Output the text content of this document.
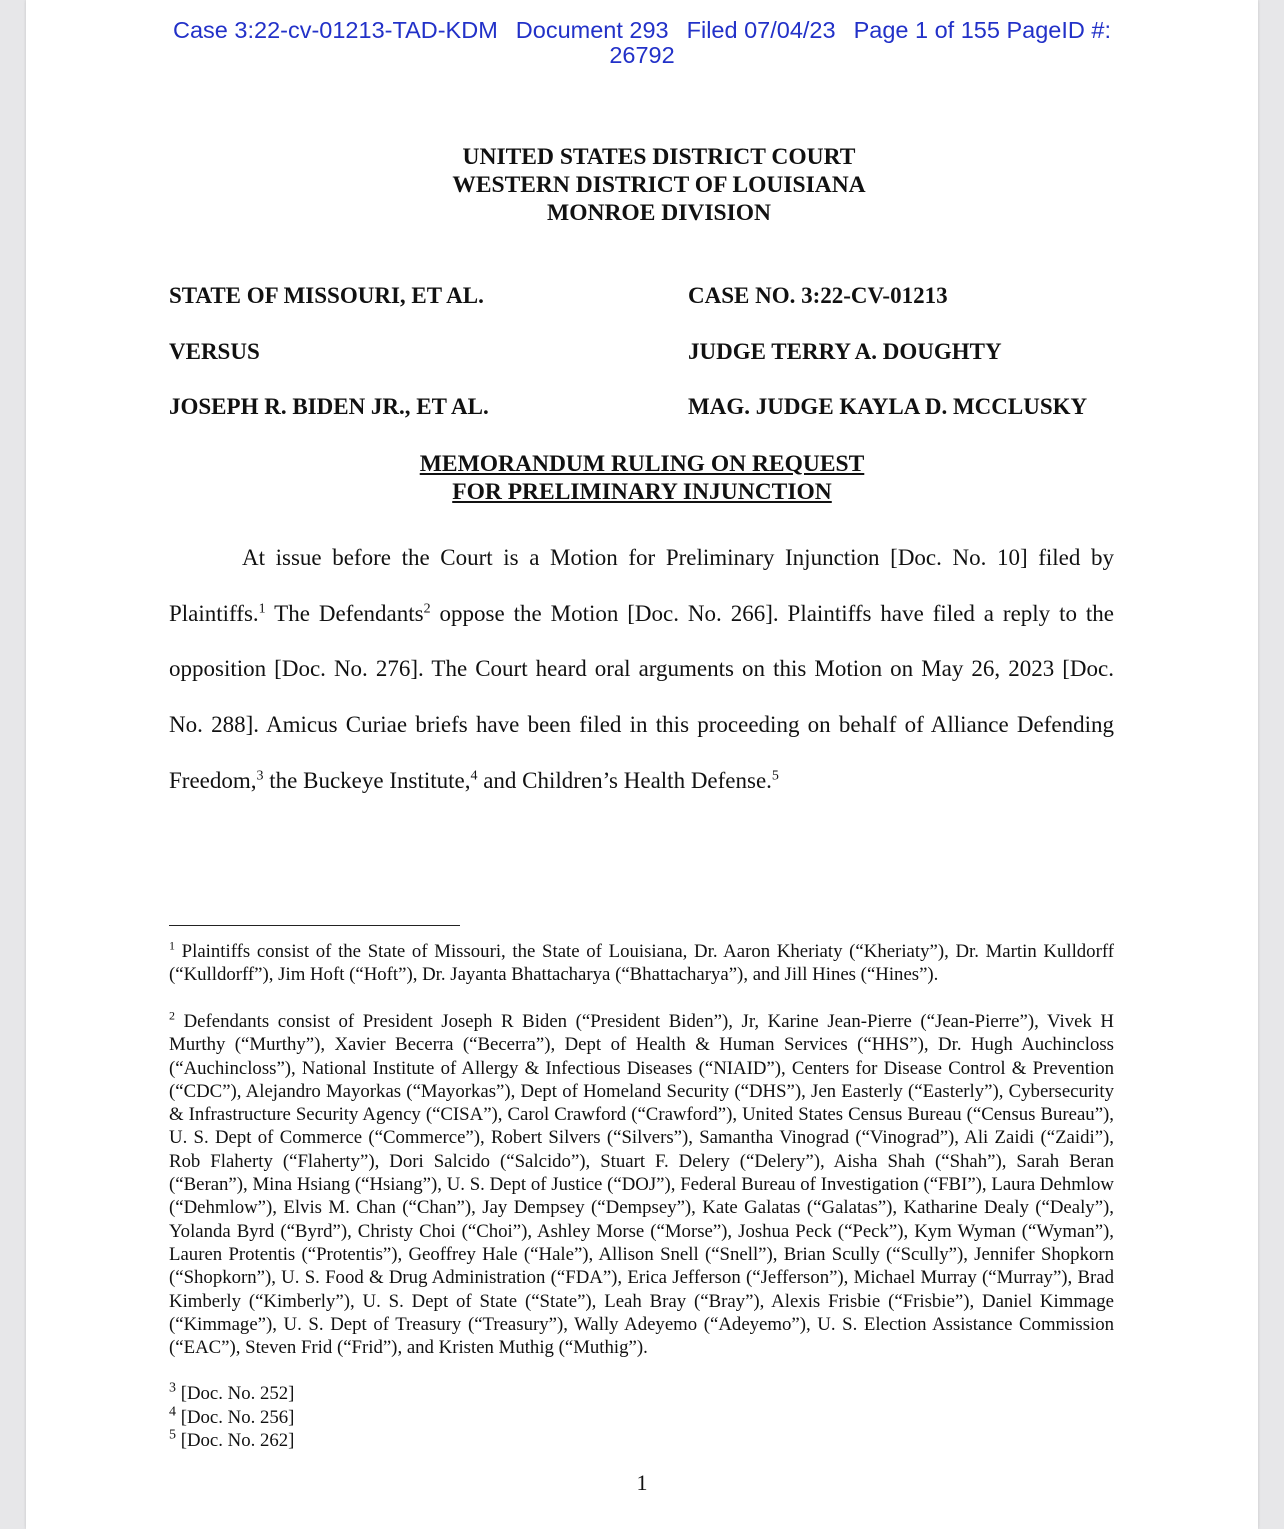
Case 3:22-cv-01213-TAD-KDM Document 293 Filed 07/04/23 Page 1 of 155 PageID #:
26792
UNITED STATES DISTRICT COURT
WESTERN DISTRICT OF LOUISIANA
MONROE DIVISION
STATE OF MISSOURI, ET AL.
VERSUS
JOSEPH R. BIDEN JR., ET AL.
CASE NO. 3:22-CV-01213
JUDGE TERRY A. DOUGHTY
MAG. JUDGE KAYLA D. MCCLUSKY
MEMORANDUM RULING ON REQUEST
FOR PRELIMINARY INJUNCTION

At issue before the Court is a Motion for Preliminary Injunction [Doc. No. 10] filed by Plaintiffs.$^1$ The Defendants$^2$ oppose the Motion [Doc. No. 266]. Plaintiffs have filed a reply to the opposition [Doc. No. 276]. The Court heard oral arguments on this Motion on May 26, 2023 [Doc. No. 288]. Amicus Curiae briefs have been filed in this proceeding on behalf of Alliance Defending Freedom,$^3$ the Buckeye Institute,$^4$ and Children’s Health Defense.$^5$

$^1$ Plaintiffs consist of the State of Missouri, the State of Louisiana, Dr. Aaron Kheriaty (“Kheriaty”), Dr. Martin Kulldorff (“Kulldorff”), Jim Hoft (“Hoft”), Dr. Jayanta Bhattacharya (“Bhattacharya”), and Jill Hines (“Hines”).

$^2$ Defendants consist of President Joseph R Biden (“President Biden”), Jr, Karine Jean-Pierre (“Jean-Pierre”), Vivek H Murthy (“Murthy”), Xavier Becerra (“Becerra”), Dept of Health & Human Services (“HHS”), Dr. Hugh Auchincloss (“Auchincloss”), National Institute of Allergy & Infectious Diseases (“NIAID”), Centers for Disease Control & Prevention (“CDC”), Alejandro Mayorkas (“Mayorkas”), Dept of Homeland Security (“DHS”), Jen Easterly (“Easterly”), Cybersecurity & Infrastructure Security Agency (“CISA”), Carol Crawford (“Crawford”), United States Census Bureau (“Census Bureau”), U. S. Dept of Commerce (“Commerce”), Robert Silvers (“Silvers”), Samantha Vinograd (“Vinograd”), Ali Zaidi (“Zaidi”), Rob Flaherty (“Flaherty”), Dori Salcido (“Salcido”), Stuart F. Delery (“Delery”), Aisha Shah (“Shah”), Sarah Beran (“Beran”), Mina Hsiang (“Hsiang”), U. S. Dept of Justice (“DOJ”), Federal Bureau of Investigation (“FBI”), Laura Dehmlow (“Dehmlow”), Elvis M. Chan (“Chan”), Jay Dempsey (“Dempsey”), Kate Galatas (“Galatas”), Katharine Dealy (“Dealy”), Yolanda Byrd (“Byrd”), Christy Choi (“Choi”), Ashley Morse (“Morse”), Joshua Peck (“Peck”), Kym Wyman (“Wyman”), Lauren Protentis (“Protentis”), Geoffrey Hale (“Hale”), Allison Snell (“Snell”), Brian Scully (“Scully”), Jennifer Shopkorn (“Shopkorn”), U. S. Food & Drug Administration (“FDA”), Erica Jefferson (“Jefferson”), Michael Murray (“Murray”), Brad Kimberly (“Kimberly”), U. S. Dept of State (“State”), Leah Bray (“Bray”), Alexis Frisbie (“Frisbie”), Daniel Kimmage (“Kimmage”), U. S. Dept of Treasury (“Treasury”), Wally Adeyemo (“Adeyemo”), U. S. Election Assistance Commission (“EAC”), Steven Frid (“Frid”), and Kristen Muthig (“Muthig”).

$^3$ [Doc. No. 252]
$^4$ [Doc. No. 256]
$^5$ [Doc. No. 262]
1
